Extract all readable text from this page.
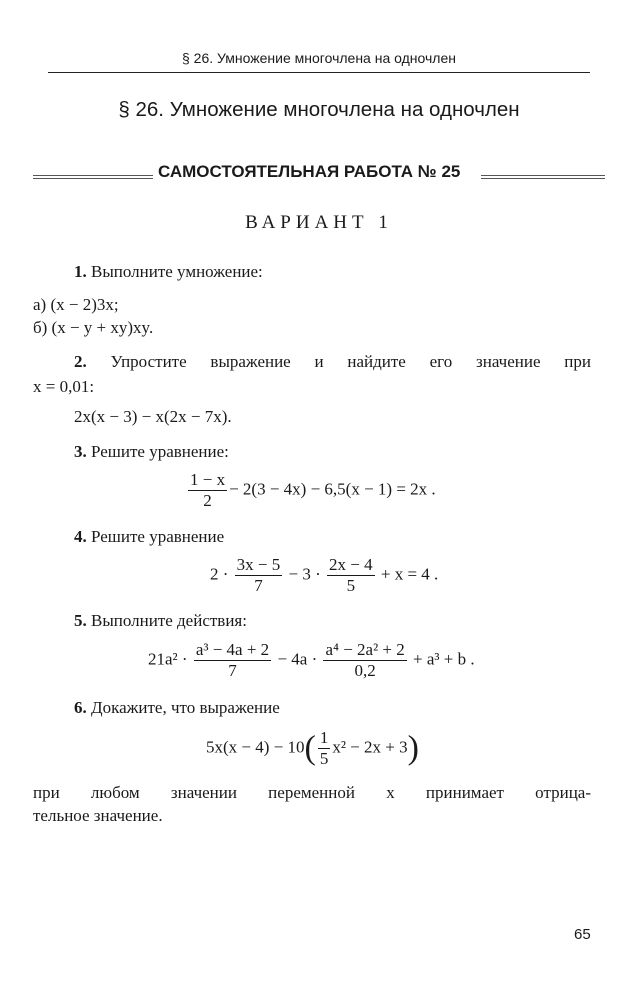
§ 26. Умножение многочлена на одночлен
§ 26. Умножение многочлена на одночлен
САМОСТОЯТЕЛЬНАЯ РАБОТА № 25
ВАРИАНТ 1
1. Выполните умножение:
а) (x − 2)3x;
б) (x − y + xy)xy.
2. Упростите выражение и найдите его значение при
x = 0,01:
2x(x − 3) − x(2x − 7x).
3. Решите уравнение:
$\frac{1 - x}{2} - 2(3 - 4x) - 6,5(x - 1) = 2x$ .
4. Решите уравнение
$2 \cdot \frac{3x - 5}{7} - 3 \cdot \frac{2x - 4}{5} + x = 4$ .
5. Выполните действия:
$21a^2 \cdot \frac{\text{a³ − 4a + 2}}{7} - 4a \cdot \frac{\text{a⁴ − 2a² + 2}}{0,2} + a^3 + b$ .
6. Докажите, что выражение
$5x(x - 4) - 10( \frac{1}{5} x^2 - 2x + 3)$
при любом значении переменной x принимает отрица-
тельное значение.
65
